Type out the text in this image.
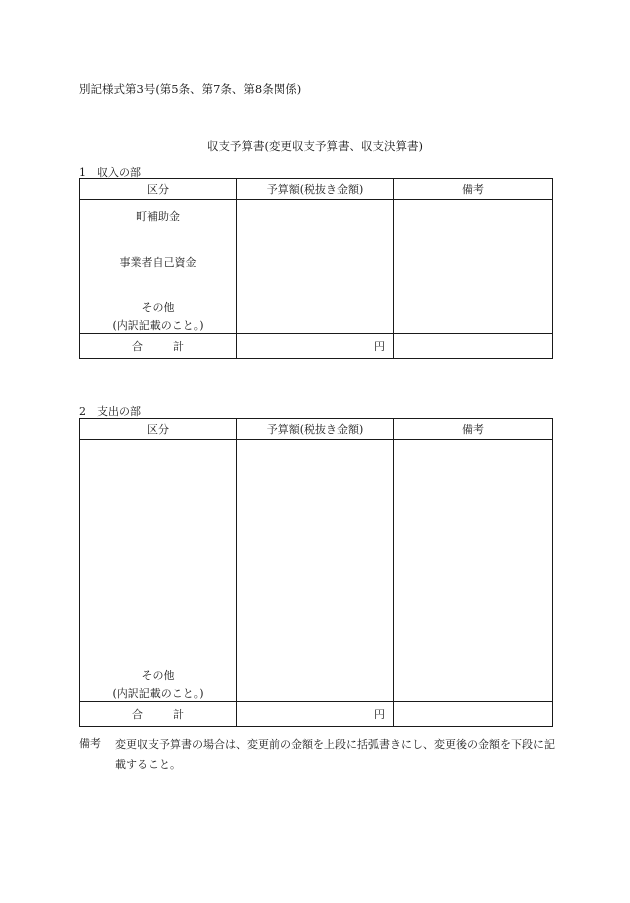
別記様式第3号(第5条、第7条、第8条関係)
収支予算書(変更収支予算書、収支決算書)
1　収入の部
区分	予算額(税抜き金額)	備考

町補助金
事業者自己資金
その他
(内訳記載のこと。)		

合 計	円	
2　支出の部
区分	予算額(税抜き金額)	備考

その他
(内訳記載のこと。)		

合 計	円	
備考 変更収支予算書の場合は、変更前の金額を上段に括弧書きにし、変更後の金額を下段に記載すること。
